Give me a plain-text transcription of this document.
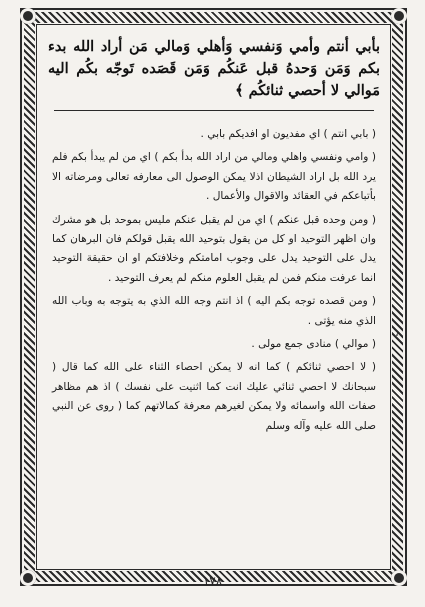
بأبي أنتم وأمي وَنفسي وَأهلي وَمالي مَن أراد الله بدء بكم وَمَن وَحدهُ قبل عَنكُم وَمَن قَصَده تَوجّه بكُم اليه مَوالي لا أحصي ثنائكُم ﴾

( بابي انتم ) اي مفديون او افديكم بابي .

( وامي ونفسي واهلي ومالي من اراد الله بدأ بكم ) اي من لم يبدأ بكم فلم يرد الله بل اراد الشيطان اذلا يمكن الوصول الى معارفه تعالى ومرضاته الا بأتباعكم في العقائد والاقوال والأعمال .

( ومن وحده قبل عنكم ) اي من لم يقبل عنكم مليس بموحد بل هو مشرك وان اظهر التوحيد او كل من يقول بتوحيد الله يقبل قولكم فان البرهان كما يدل على التوحيد يدل على وجوب امامتكم وخلافتكم او ان حقيقة التوحيد انما عرفت منكم فمن لم يقبل العلوم منكم لم يعرف التوحيد .

( ومن قصده توجه بكم اليه ) اذ انتم وجه الله الذي به يتوجه به وباب الله الذي منه يؤتى .

( موالي ) منادى جمع مولى .

( لا احصي ثنائكم ) كما انه لا يمكن احصاء الثناء على الله كما قال ( سبحانك لا احصي ثنائي عليك انت كما اثنيت على نفسك ) اذ هم مظاهر صفات الله واسمائه ولا يمكن لغيرهم معرفة كمالاتهم كما ( روى عن النبي صلى الله عليه وآله وسلم

،
١٧٨
